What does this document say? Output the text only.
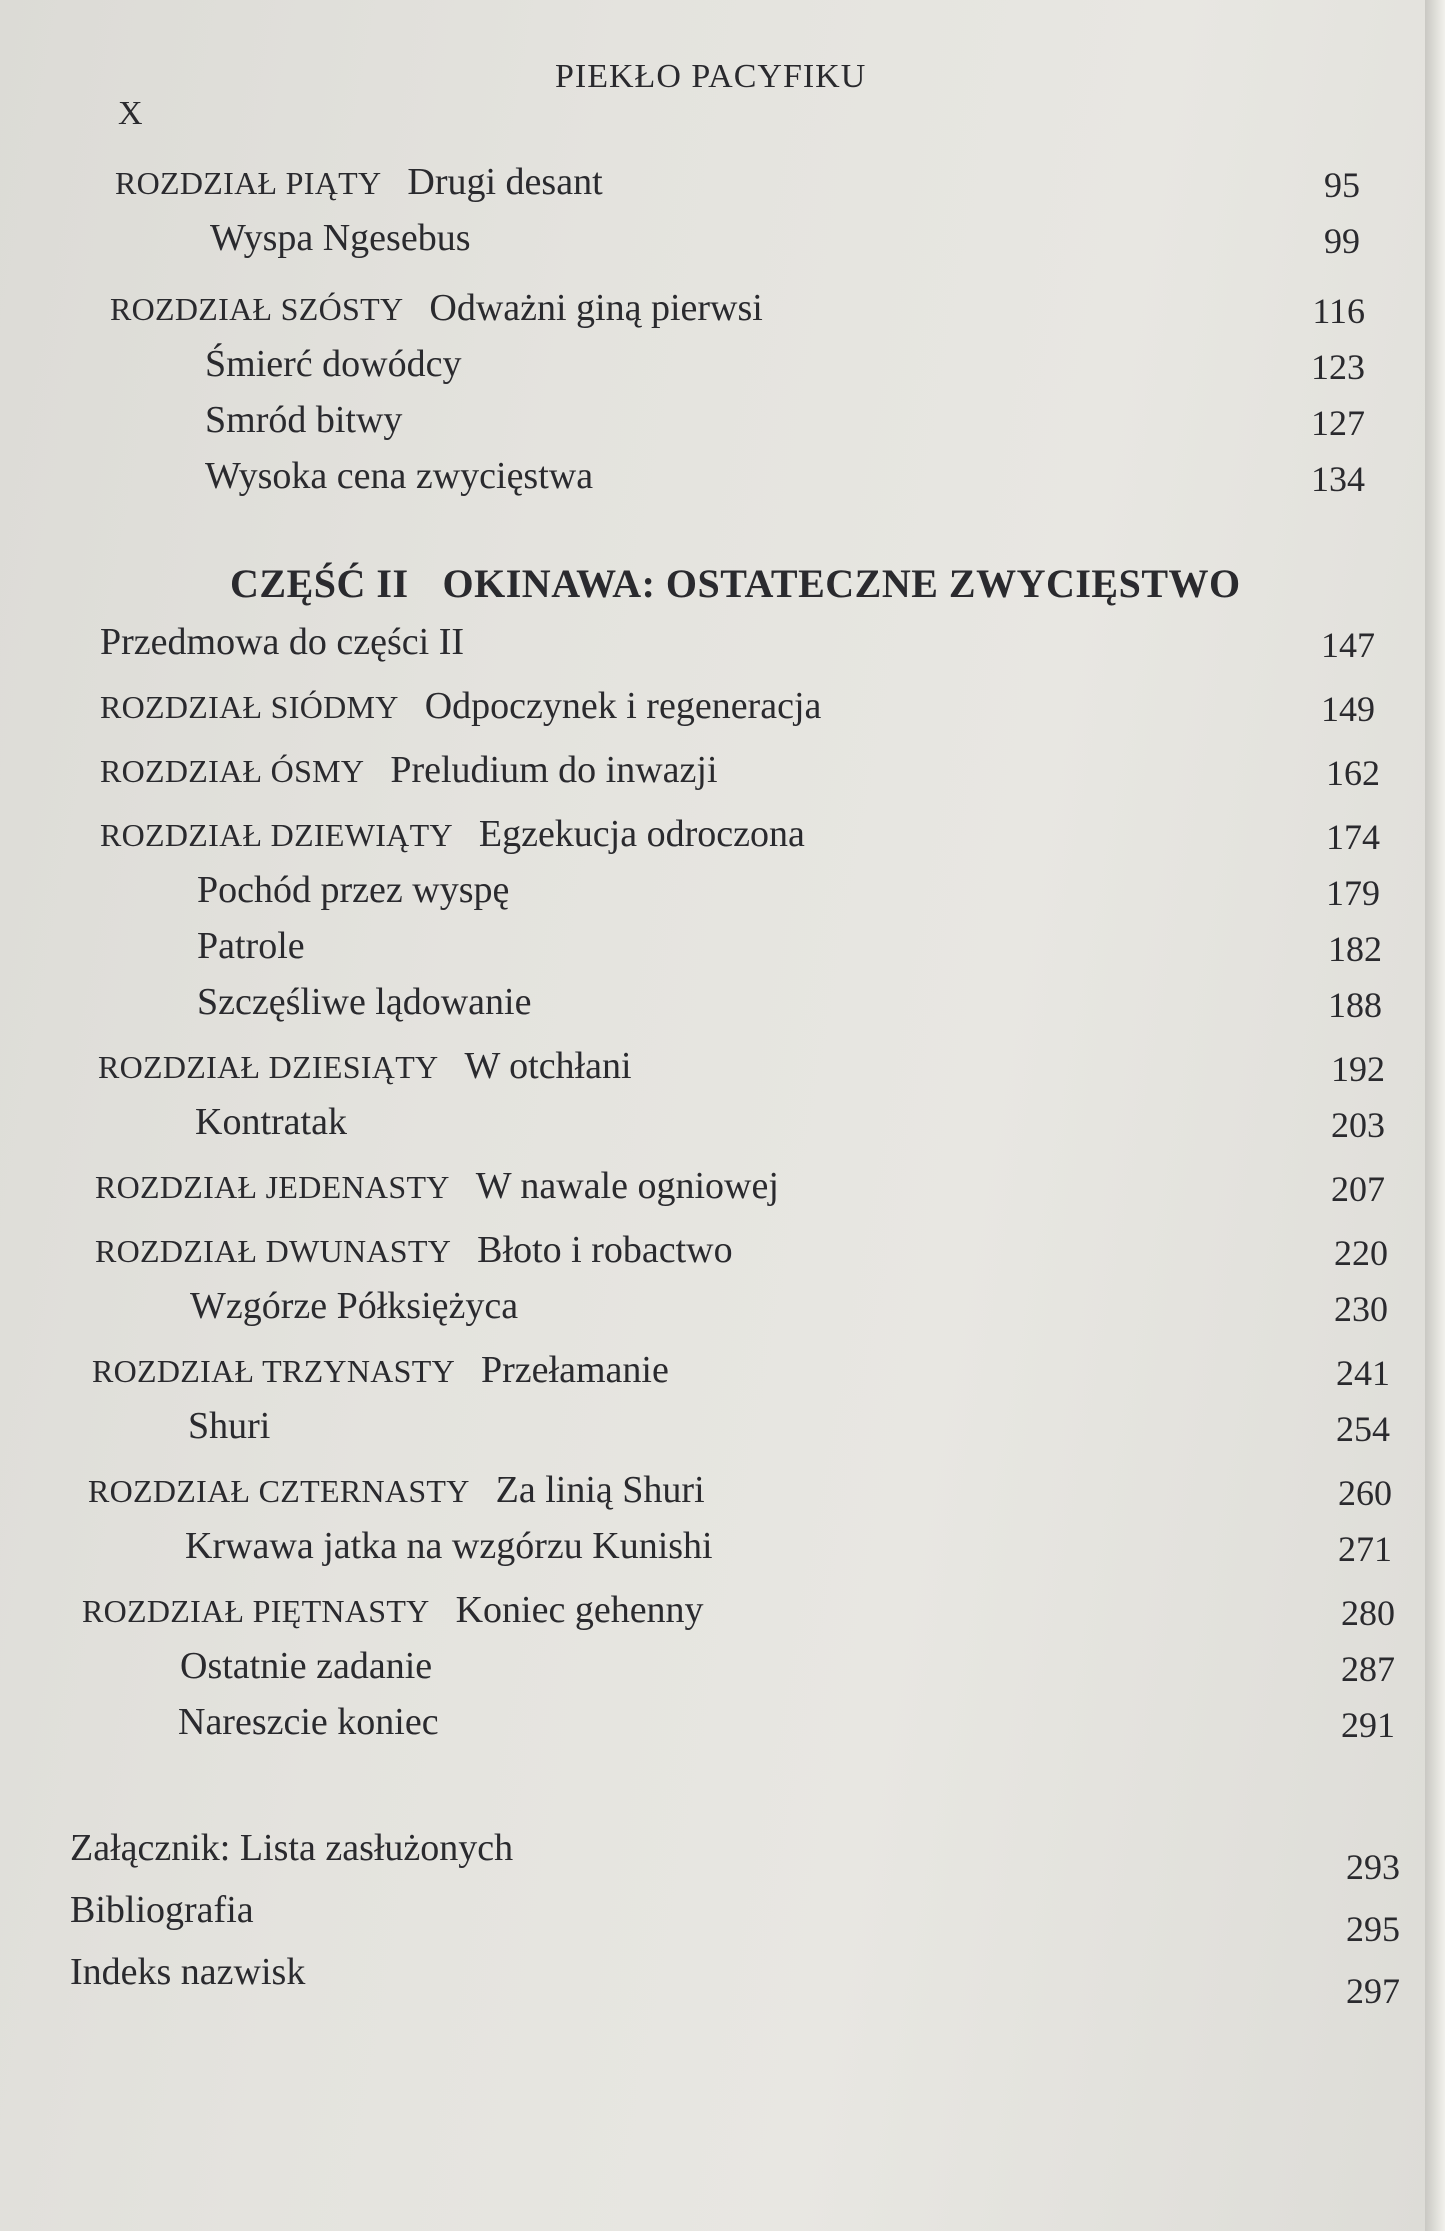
PIEKŁO PACYFIKU
X
ROZDZIAŁ PIĄTY Drugi desant	95
Wyspa Ngesebus	99
ROZDZIAŁ SZÓSTY Odważni giną pierwsi	116
Śmierć dowódcy	123
Smród bitwy	127
Wysoka cena zwycięstwa	134
CZĘŚĆ II OKINAWA: OSTATECZNE ZWYCIĘSTWO
Przedmowa do części II	147
ROZDZIAŁ SIÓDMY Odpoczynek i regeneracja	149
ROZDZIAŁ ÓSMY Preludium do inwazji	162
ROZDZIAŁ DZIEWIĄTY Egzekucja odroczona	174
Pochód przez wyspę	179
Patrole	182
Szczęśliwe lądowanie	188
ROZDZIAŁ DZIESIĄTY W otchłani	192
Kontratak	203
ROZDZIAŁ JEDENASTY W nawale ogniowej	207
ROZDZIAŁ DWUNASTY Błoto i robactwo	220
Wzgórze Półksiężyca	230
ROZDZIAŁ TRZYNASTY Przełamanie	241
Shuri	254
ROZDZIAŁ CZTERNASTY Za linią Shuri	260
Krwawa jatka na wzgórzu Kunishi	271
ROZDZIAŁ PIĘTNASTY Koniec gehenny	280
Ostatnie zadanie	287
Nareszcie koniec	291
Załącznik: Lista zasłużonych	293
Bibliografia	295
Indeks nazwisk	297
